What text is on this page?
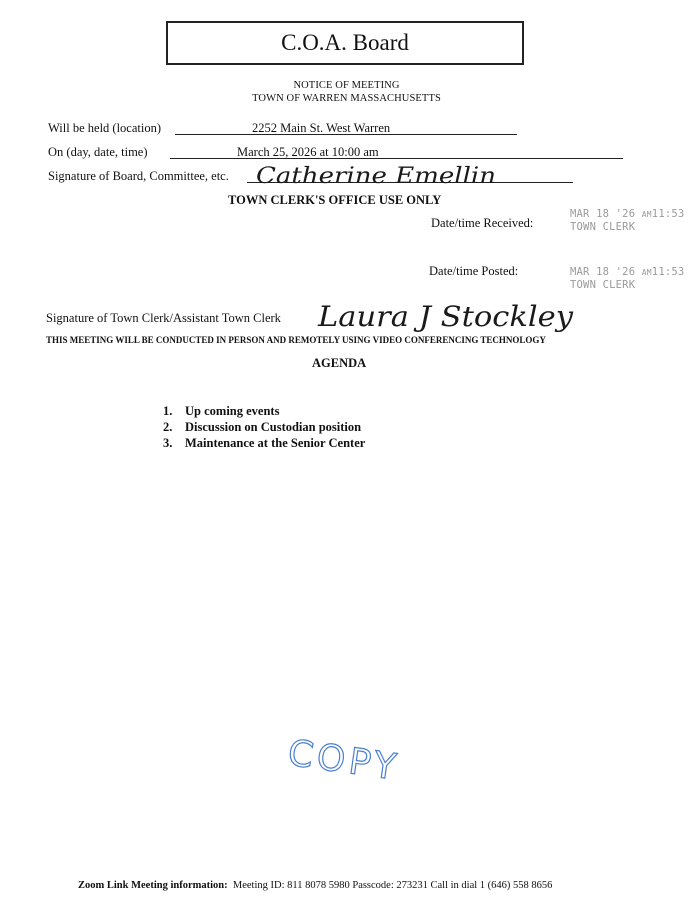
C.O.A. Board
NOTICE OF MEETING
TOWN OF WARREN MASSACHUSETTS
Will be held (location)	2252 Main St. West Warren
On (day, date, time)	March 25, 2026 at 10:00 am
Signature of Board, Committee, etc. Catherine Emellin
TOWN CLERK'S OFFICE USE ONLY
Date/time Received:
MAR 18 '26 AM11:53
TOWN CLERK
Date/time Posted:	MAR 18 '26 AM11:53
TOWN CLERK
Signature of Town Clerk/Assistant Town Clerk Laura J Stockley
THIS MEETING WILL BE CONDUCTED IN PERSON AND REMOTELY USING VIDEO CONFERENCING TECHNOLOGY
AGENDA
1. Up coming events
2. Discussion on Custodian position
3. Maintenance at the Senior Center
COPY
Zoom Link Meeting information: Meeting ID: 811 8078 5980 Passcode: 273231 Call in dial 1 (646) 558 8656
